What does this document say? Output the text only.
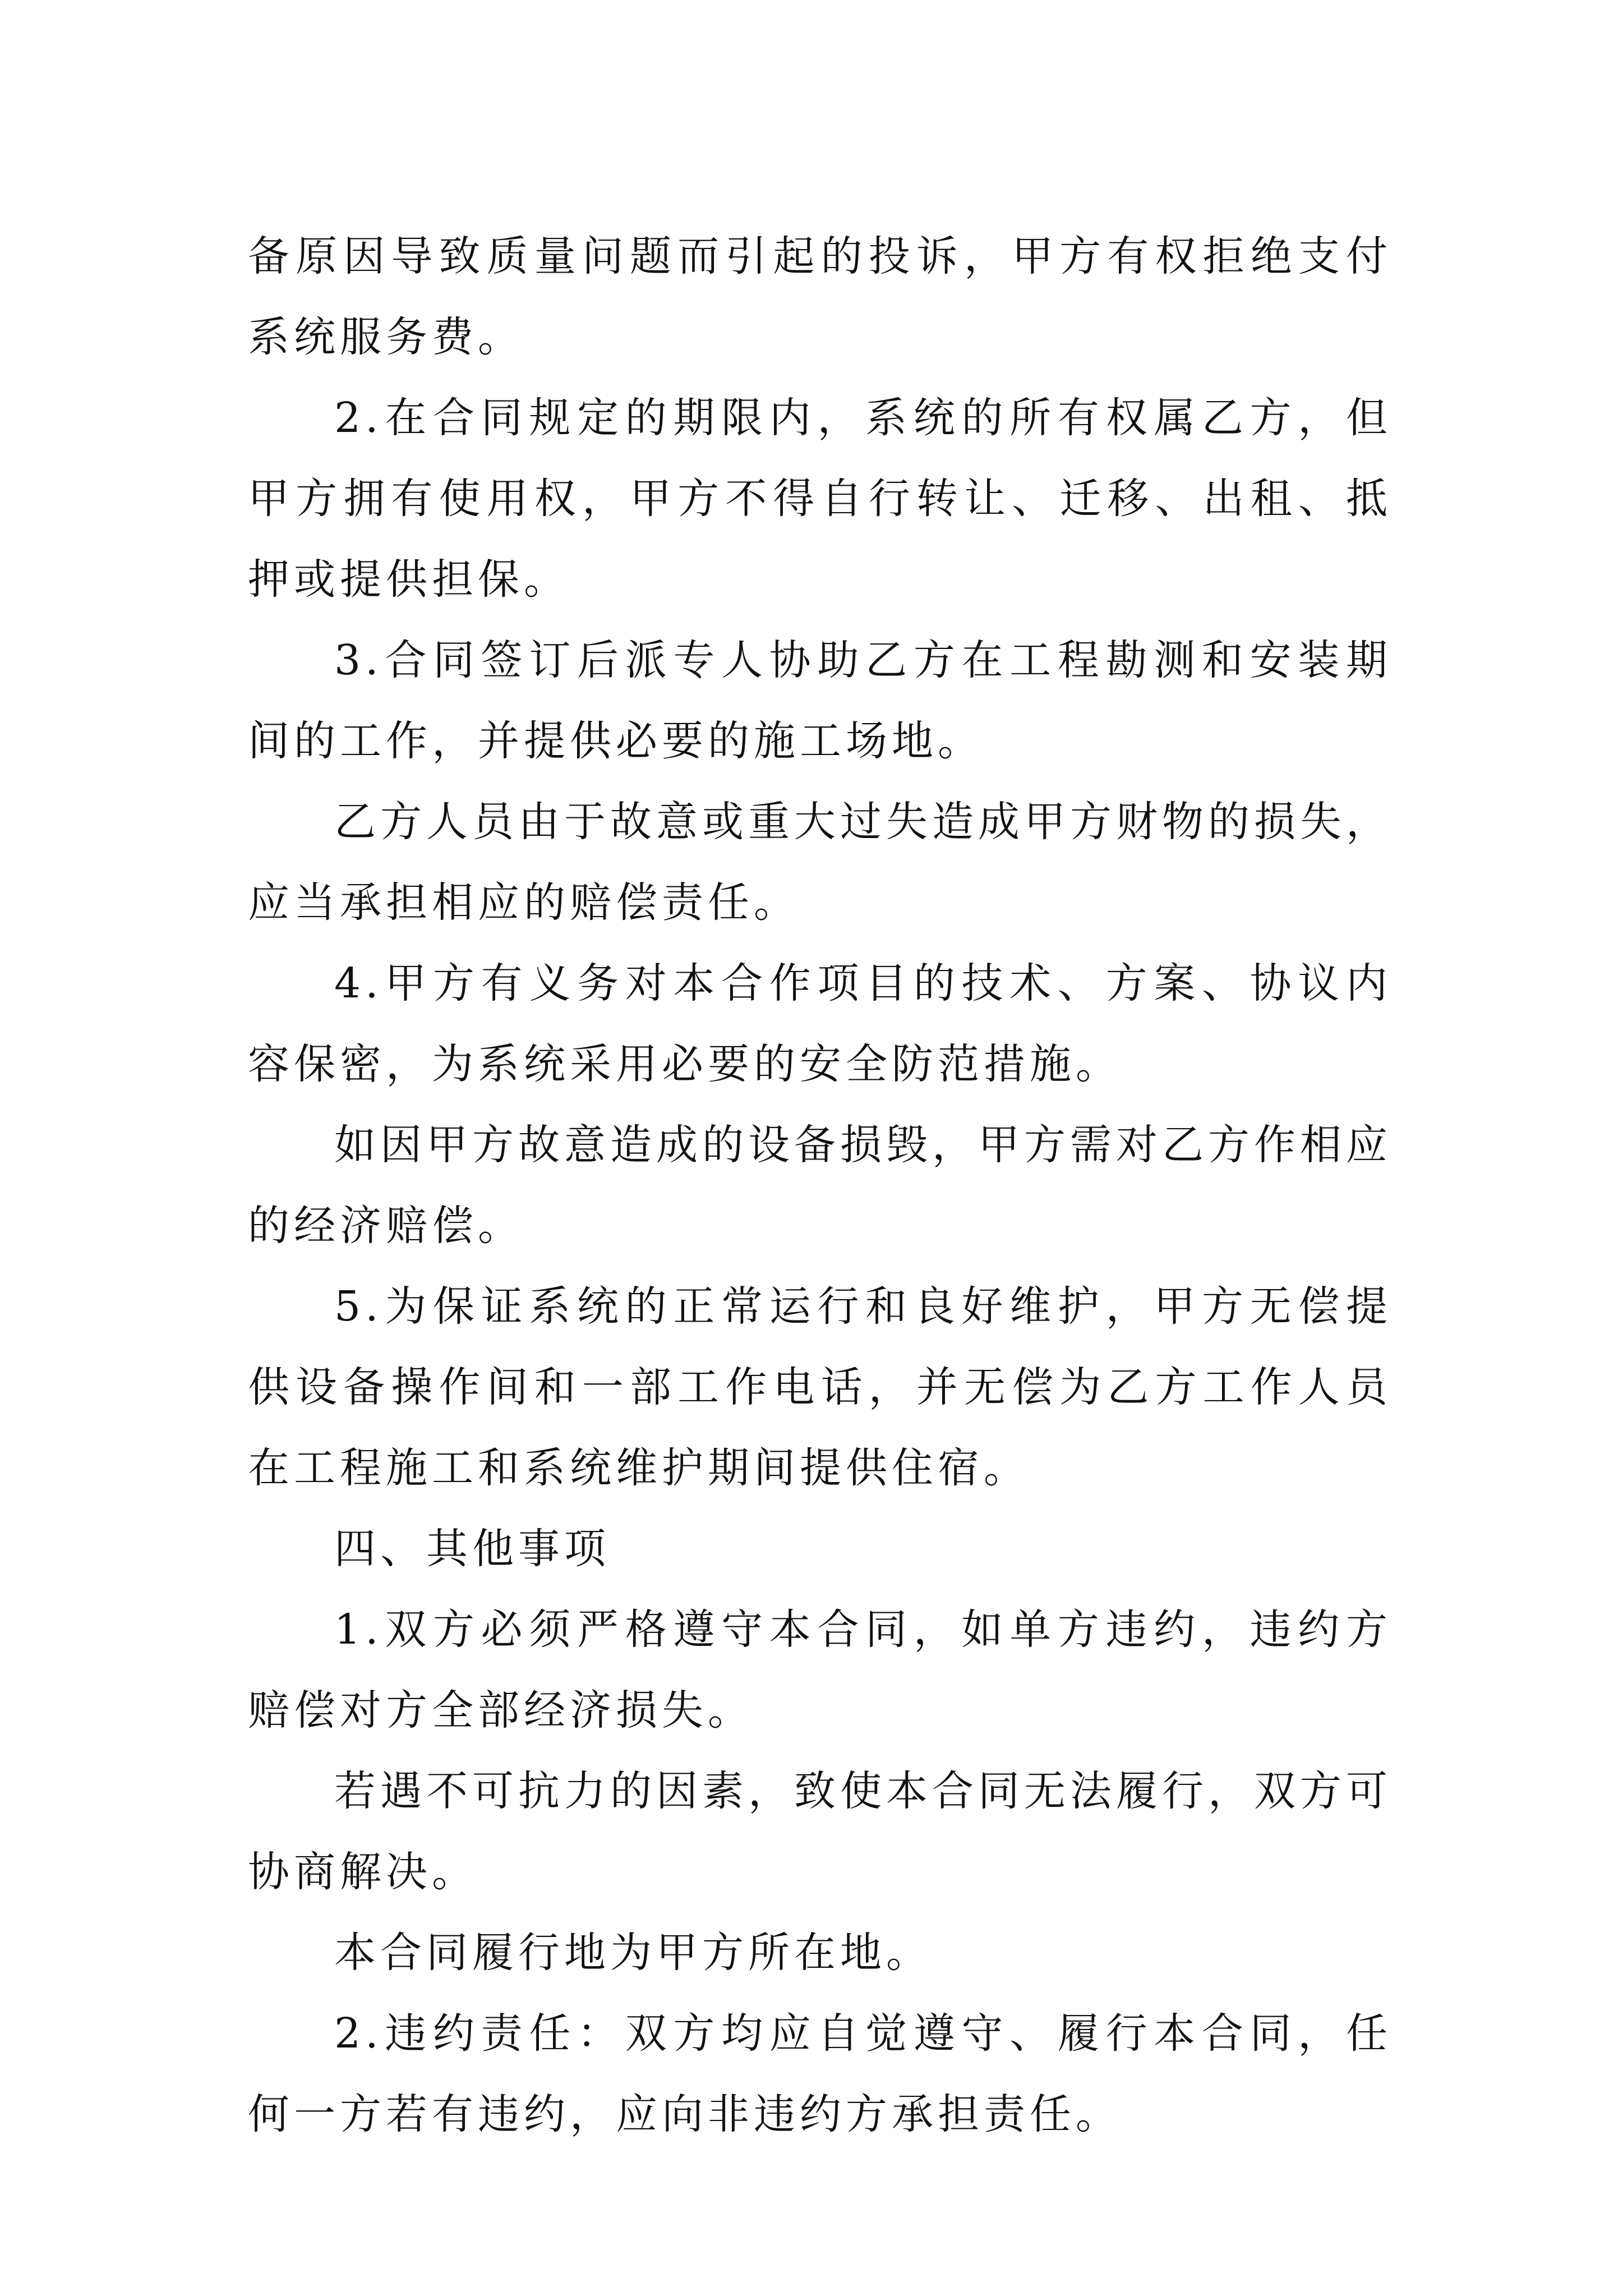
备原因导致质量问题而引起的投诉，甲方有权拒绝支付系统服务费。

2.在合同规定的期限内，系统的所有权属乙方，但甲方拥有使用权，甲方不得自行转让、迁移、出租、抵押或提供担保。

3.合同签订后派专人协助乙方在工程勘测和安装期间的工作，并提供必要的施工场地。

乙方人员由于故意或重大过失造成甲方财物的损失，应当承担相应的赔偿责任。

4.甲方有义务对本合作项目的技术、方案、协议内容保密，为系统采用必要的安全防范措施。

如因甲方故意造成的设备损毁，甲方需对乙方作相应的经济赔偿。

5.为保证系统的正常运行和良好维护，甲方无偿提供设备操作间和一部工作电话，并无偿为乙方工作人员在工程施工和系统维护期间提供住宿。

四、其他事项

1.双方必须严格遵守本合同，如单方违约，违约方赔偿对方全部经济损失。

若遇不可抗力的因素，致使本合同无法履行，双方可协商解决。

本合同履行地为甲方所在地。

2.违约责任：双方均应自觉遵守、履行本合同，任何一方若有违约，应向非违约方承担责任。
